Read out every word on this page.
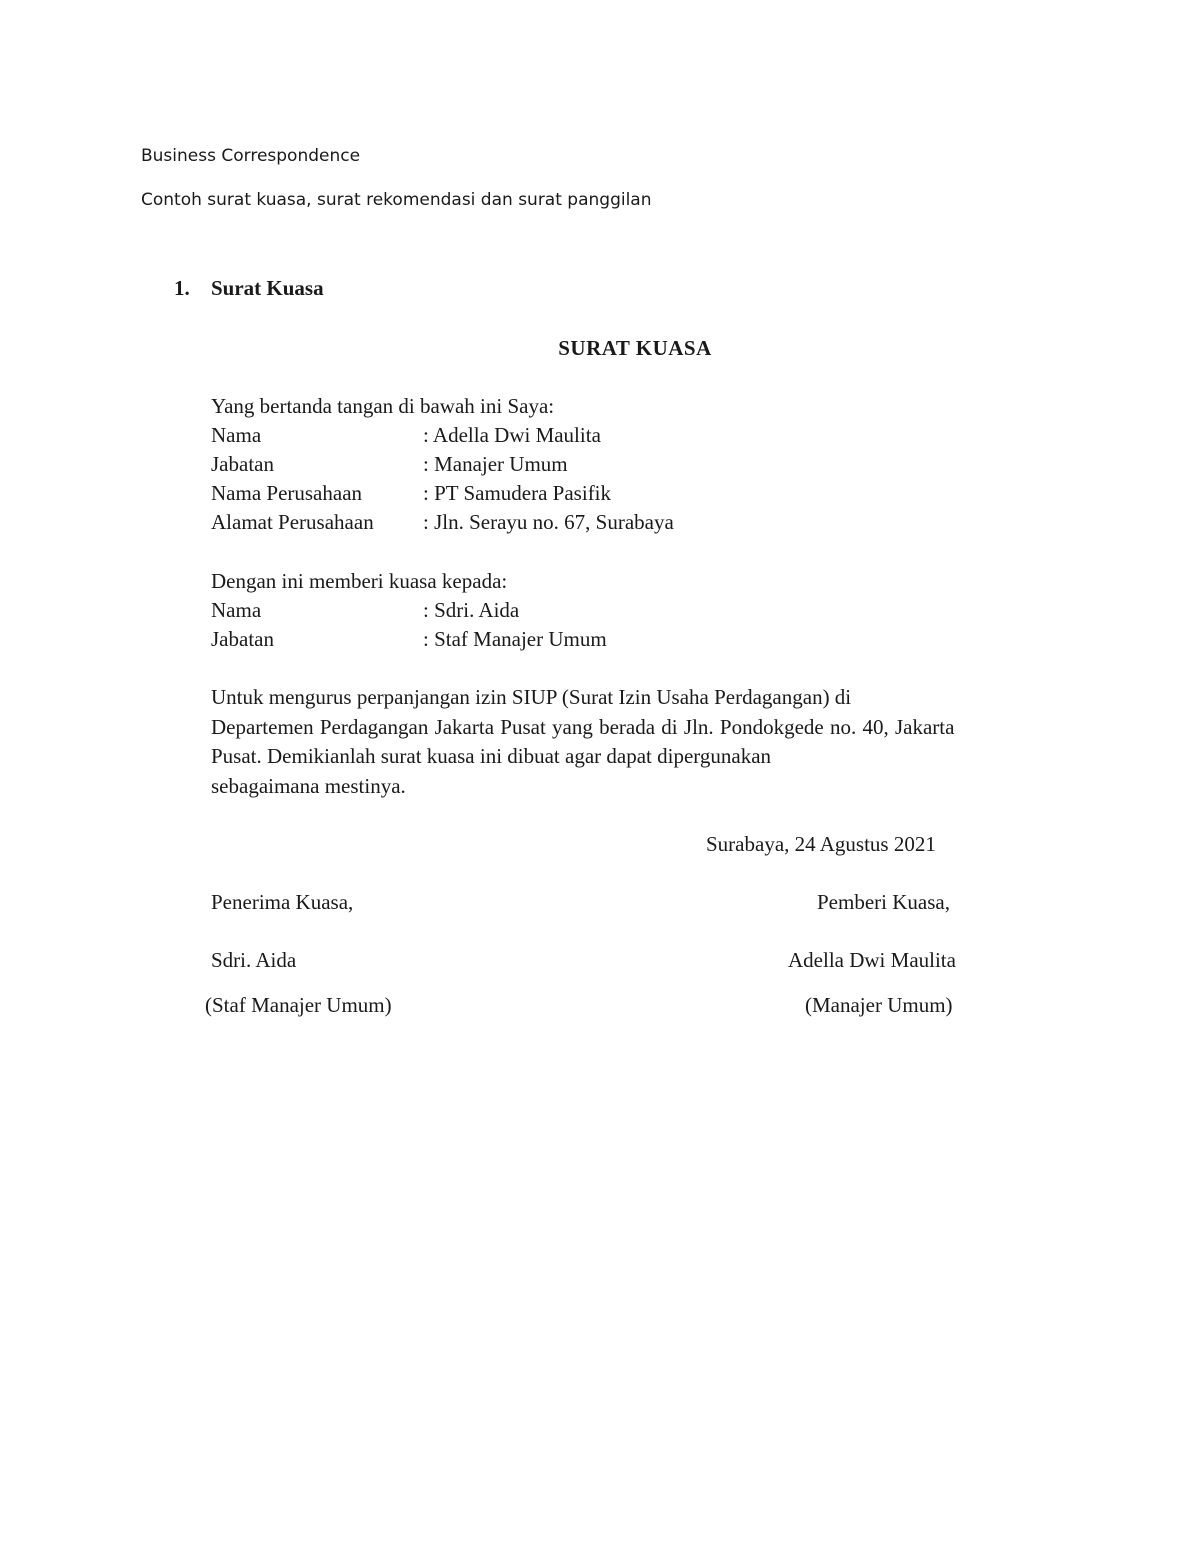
Business Correspondence
Contoh surat kuasa, surat rekomendasi dan surat panggilan
1. Surat Kuasa
SURAT KUASA
Yang bertanda tangan di bawah ini Saya:
Nama	: Adella Dwi Maulita
Jabatan	: Manajer Umum
Nama Perusahaan	: PT Samudera Pasifik
Alamat Perusahaan : Jln. Serayu no. 67, Surabaya
Dengan ini memberi kuasa kepada:
Nama	: Sdri. Aida
Jabatan	: Staf Manajer Umum
Untuk mengurus perpanjangan izin SIUP (Surat Izin Usaha Perdagangan) di
Departemen Perdagangan Jakarta Pusat yang berada di Jln. Pondokgede no. 40, Jakarta
Pusat. Demikianlah surat kuasa ini dibuat agar dapat dipergunakan
sebagaimana mestinya.
Surabaya, 24 Agustus 2021
Penerima Kuasa,	Pemberi Kuasa,
Sdri. Aida	Adella Dwi Maulita
(Staf Manajer Umum)	(Manajer Umum)
